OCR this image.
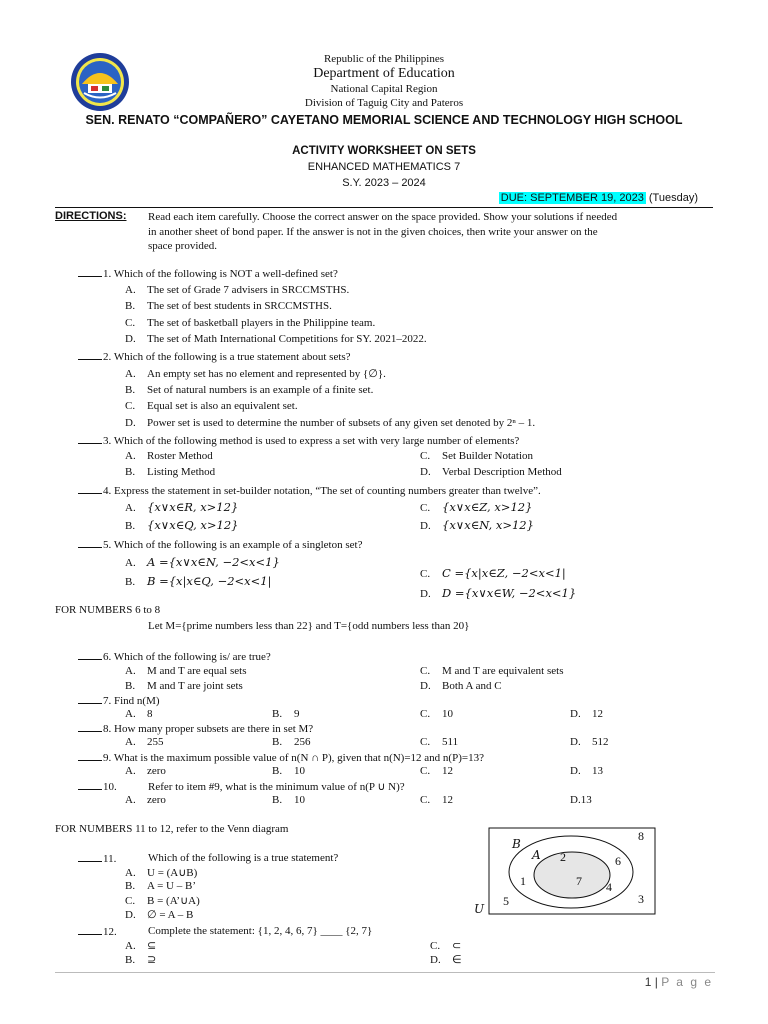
Republic of the Philippines
Department of Education
National Capital Region
Division of Taguig City and Pateros
SEN. RENATO “COMPAÑERO” CAYETANO MEMORIAL SCIENCE AND TECHNOLOGY HIGH SCHOOL
ACTIVITY WORKSHEET ON SETS
ENHANCED MATHEMATICS 7
S.Y. 2023 – 2024
DUE: SEPTEMBER 19, 2023 (Tuesday)
DIRECTIONS: Read each item carefully. Choose the correct answer on the space provided. Show your solutions if needed
in another sheet of bond paper. If the answer is not in the given choices, then write your answer on the
space provided.
1. Which of the following is NOT a well-defined set?
A. The set of Grade 7 advisers in SRCCMSTHS.
B. The set of best students in SRCCMSTHS.
C. The set of basketball players in the Philippine team.
D. The set of Math International Competitions for SY. 2021–2022.
2. Which of the following is a true statement about sets?
A. An empty set has no element and represented by {∅}.
B. Set of natural numbers is an example of a finite set.
C. Equal set is also an equivalent set.
D. Power set is used to determine the number of subsets of any given set denoted by 2ⁿ – 1.
3. Which of the following method is used to express a set with very large number of elements?
A. Roster Method
B. Listing Method
C. Set Builder Notation
D. Verbal Description Method
4. Express the statement in set-builder notation, “The set of counting numbers greater than twelve”.
A. {x∨x∈R, x>12}
B. {x∨x∈Q, x>12}
C. {x∨x∈Z, x>12}
D. {x∨x∈N, x>12}
5. Which of the following is an example of a singleton set?
A. A ={x∨x∈N, −2<x<1}
B. B ={x|x∈Q, −2<x<1|	C. C ={x|x∈Z, −2<x<1|
D. D ={x∨x∈W, −2<x<1}
FOR NUMBERS 6 to 8
Let M={prime numbers less than 22} and T={odd numbers less than 20}
6. Which of the following is/ are true?
A. M and T are equal sets
B. M and T are joint sets
C. M and T are equivalent sets
D. Both A and C
7. Find n(M)
A. 8	B. 9	C. 10	D. 12
8. How many proper subsets are there in set M?
A. 255	B. 256	C. 511	D. 512
9. What is the maximum possible value of n(N ∩ P), given that n(N)=12 and n(P)=13?
A. zero	B. 10	C. 12	D. 13
10.	Refer to item #9, what is the minimum value of n(P ∪ N)?
A. zero	B. 10	C. 12	D.13
FOR NUMBERS 11 to 12, refer to the Venn diagram
11.	Which of the following is a true statement?
A. U = (A∪B)
B. A = U – B’
C. B = (A’∪A)
D. ∅ = A – B
12.	Complete the statement: {1, 2, 4, 6, 7} ____ {2, 7}
A. ⊆
B. ⊇
C. ⊂
D. ∈
B
A
U
8
2	6
1	7 4
5	3
1 | P a g e
